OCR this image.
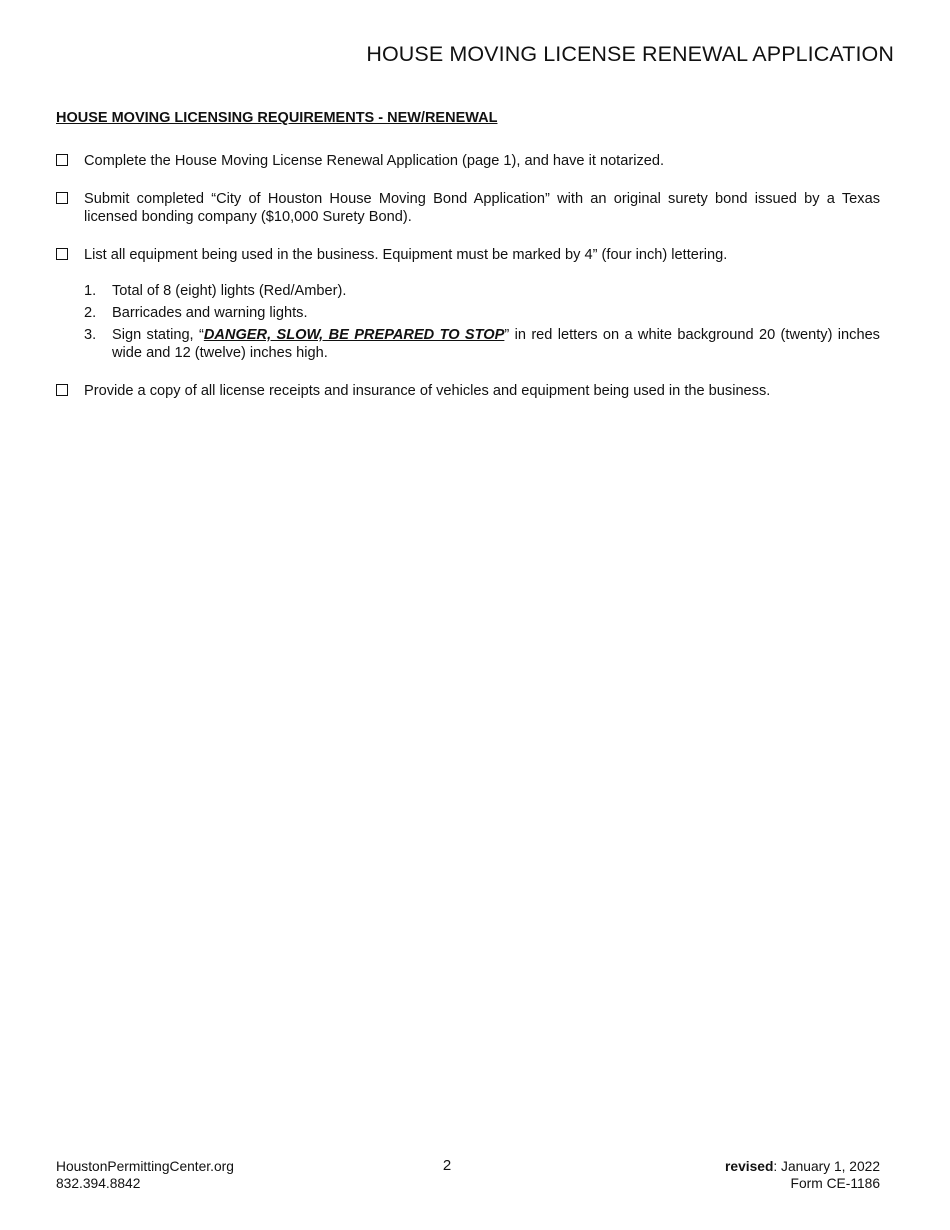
HOUSE MOVING LICENSE RENEWAL APPLICATION
HOUSE MOVING LICENSING REQUIREMENTS - NEW/RENEWAL
Complete the House Moving License Renewal Application (page 1), and have it notarized.
Submit completed “City of Houston House Moving Bond Application” with an original surety bond issued by a Texas licensed bonding company ($10,000 Surety Bond).
List all equipment being used in the business. Equipment must be marked by 4” (four inch) lettering.
1. Total of 8 (eight) lights (Red/Amber).
2. Barricades and warning lights.
3. Sign stating, “DANGER, SLOW, BE PREPARED TO STOP” in red letters on a white background 20 (twenty) inches wide and 12 (twelve) inches high.
Provide a copy of all license receipts and insurance of vehicles and equipment being used in the business.
HoustonPermittingCenter.org
832.394.8842
2	revised: January 1, 2022
Form CE-1186
